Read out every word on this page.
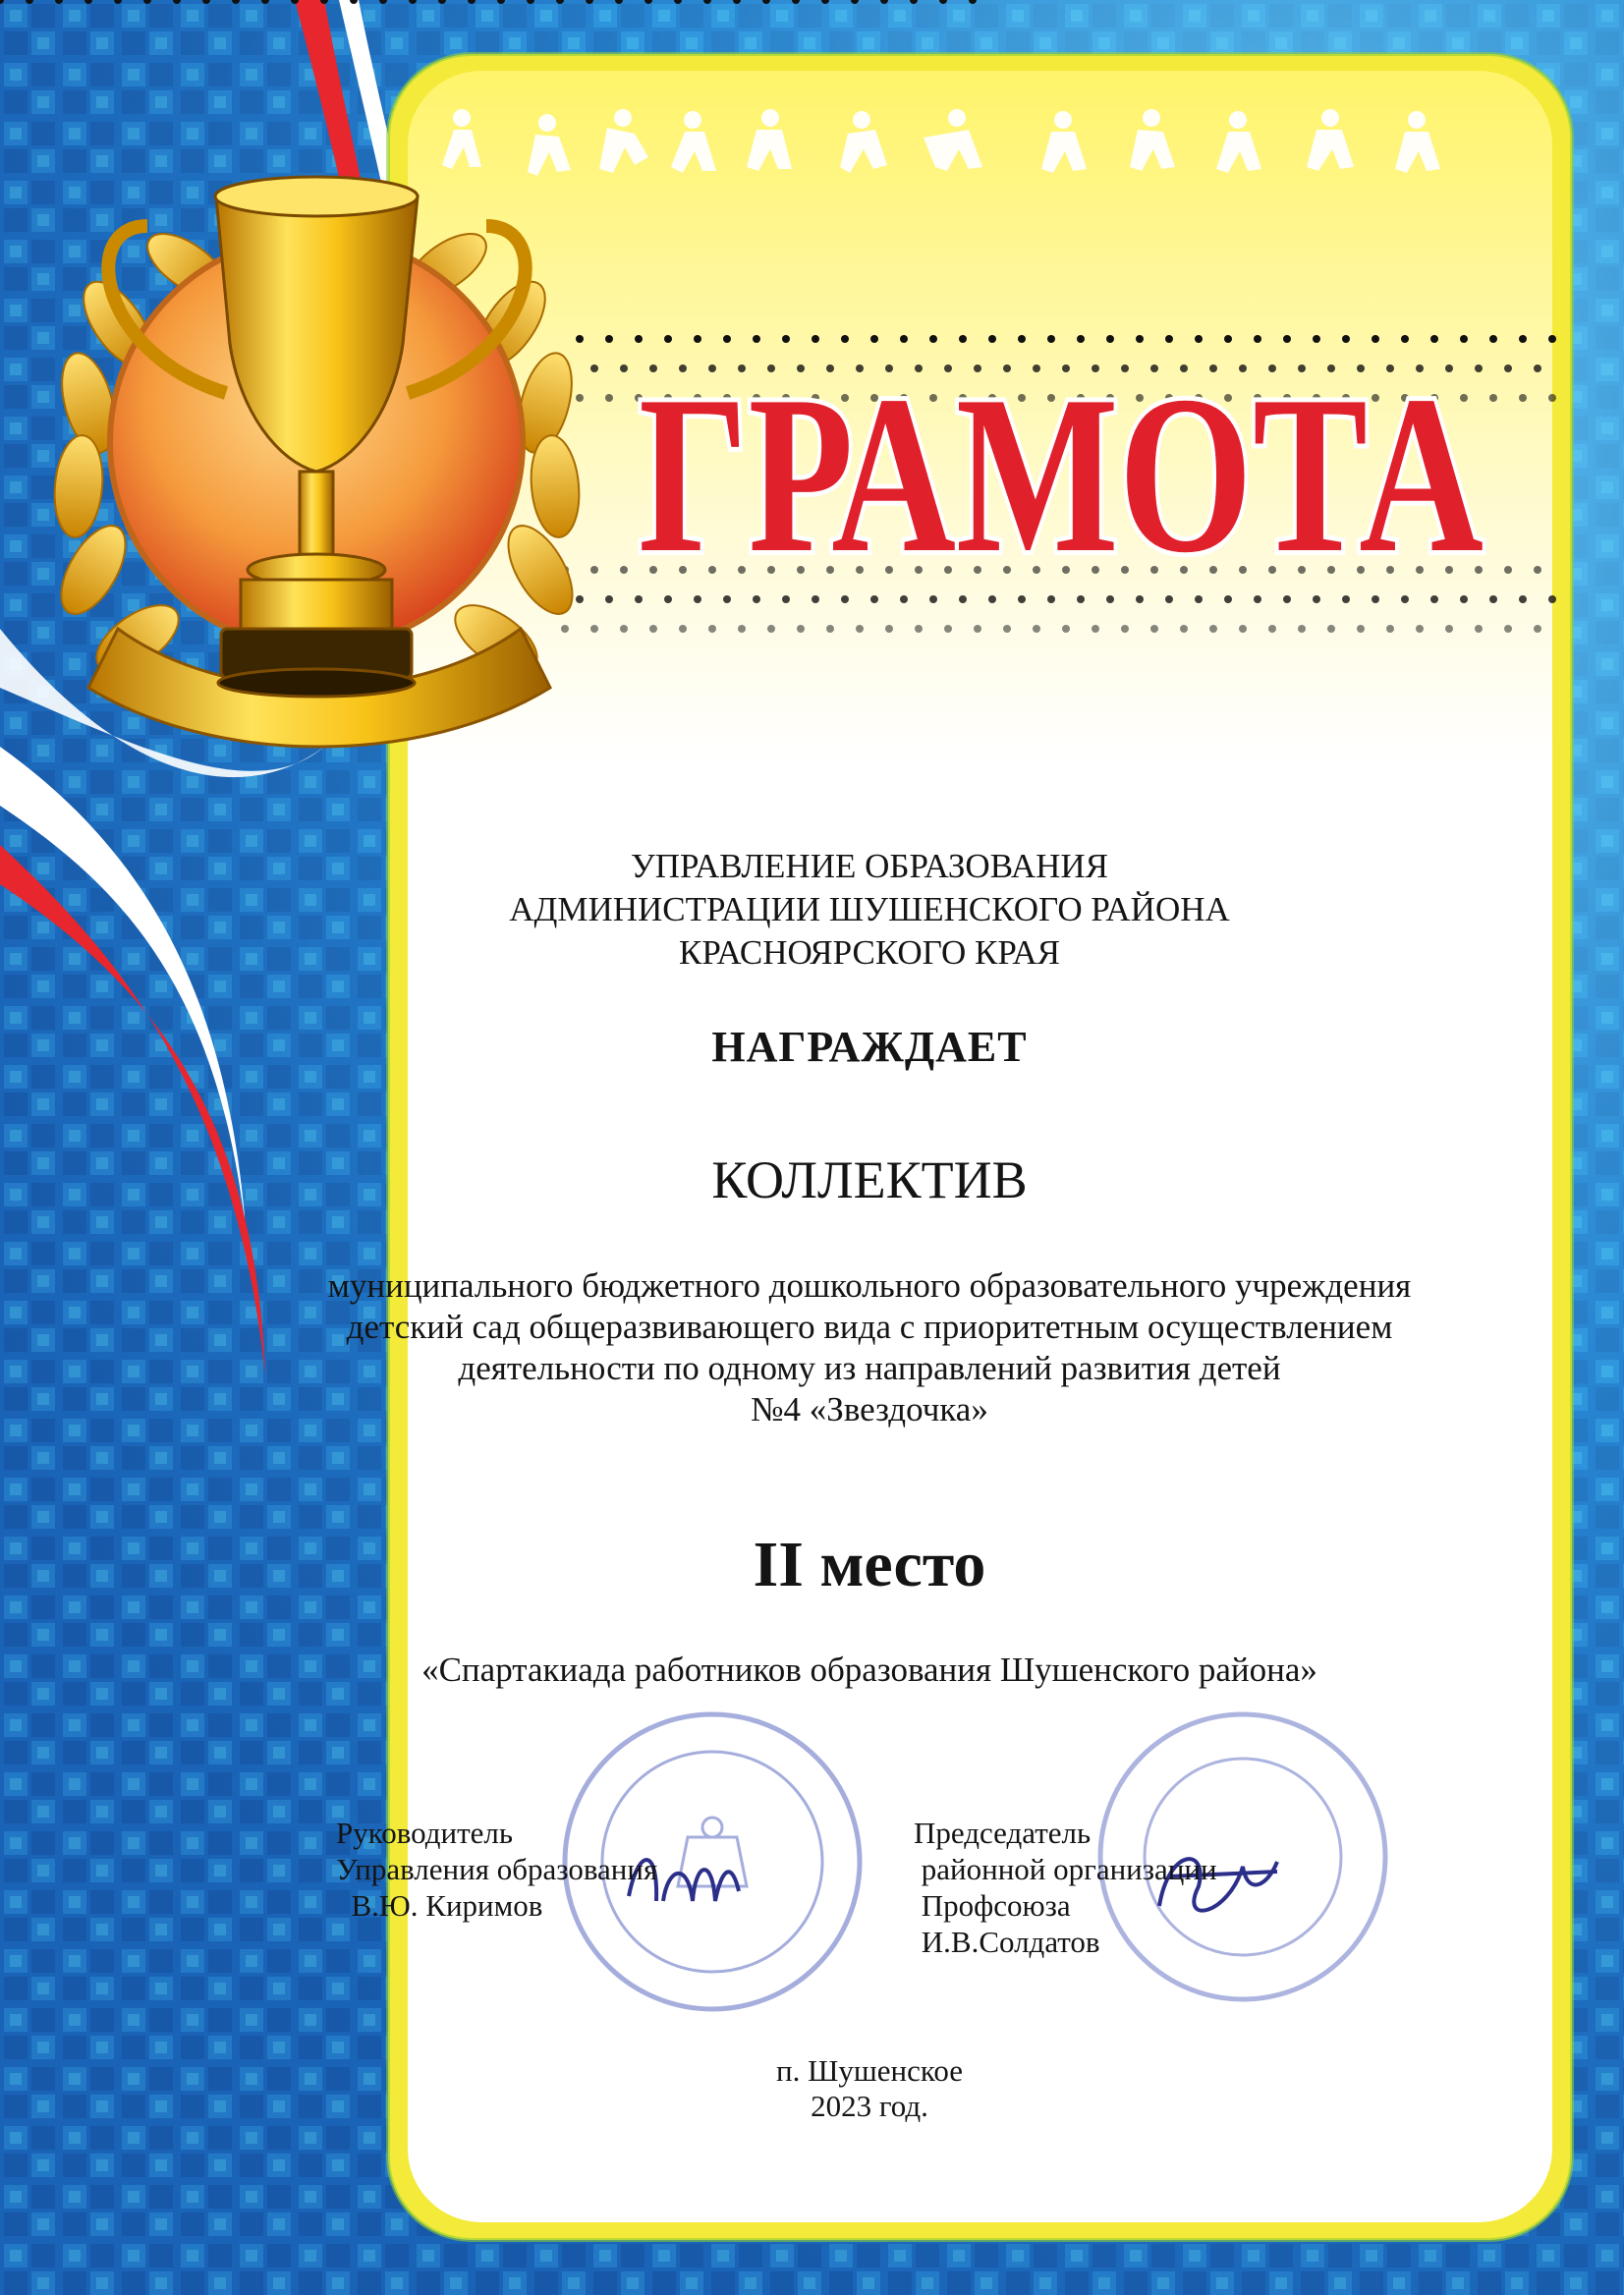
ГРАМОТА
УПРАВЛЕНИЕ ОБРАЗОВАНИЯ
АДМИНИСТРАЦИИ ШУШЕНСКОГО РАЙОНА
КРАСНОЯРСКОГО КРАЯ
НАГРАЖДАЕТ
КОЛЛЕКТИВ
муниципального бюджетного дошкольного образовательного учреждения
детский сад общеразвивающего вида с приоритетным осуществлением
деятельности по одному из направлений развития детей
№4 «Звездочка»
II место
«Спартакиада работников образования Шушенского района»
Руководитель
Управления образования
В.Ю. Киримов
Председатель
районной организации
Профсоюза
И.В.Солдатов
п. Шушенское
2023 год.
